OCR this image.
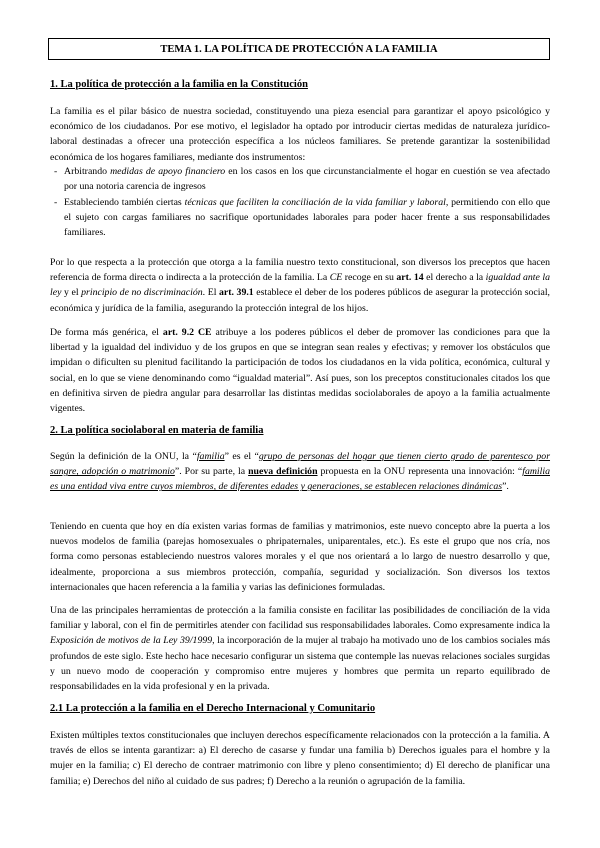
TEMA 1. LA POLÍTICA DE PROTECCIÓN A LA FAMILIA
1. La política de protección a la familia en la Constitución

La familia es el pilar básico de nuestra sociedad, constituyendo una pieza esencial para garantizar el apoyo psicológico y económico de los ciudadanos. Por ese motivo, el legislador ha optado por introducir ciertas medidas de naturaleza jurídico-laboral destinadas a ofrecer una protección específica a los núcleos familiares. Se pretende garantizar la sostenibilidad económica de los hogares familiares, mediante dos instrumentos:

- Arbitrando medidas de apoyo financiero en los casos en los que circunstancialmente el hogar en cuestión se vea afectado por una notoria carencia de ingresos

- Estableciendo también ciertas técnicas que faciliten la conciliación de la vida familiar y laboral, permitiendo con ello que el sujeto con cargas familiares no sacrifique oportunidades laborales para poder hacer frente a sus responsabilidades familiares.

Por lo que respecta a la protección que otorga a la familia nuestro texto constitucional, son diversos los preceptos que hacen referencia de forma directa o indirecta a la protección de la familia. La CE recoge en su art. 14 el derecho a la igualdad ante la ley y el principio de no discriminación. El art. 39.1 establece el deber de los poderes públicos de asegurar la protección social, económica y jurídica de la familia, asegurando la protección integral de los hijos.

De forma más genérica, el art. 9.2 CE atribuye a los poderes públicos el deber de promover las condiciones para que la libertad y la igualdad del individuo y de los grupos en que se integran sean reales y efectivas; y remover los obstáculos que impidan o dificulten su plenitud facilitando la participación de todos los ciudadanos en la vida política, económica, cultural y social, en lo que se viene denominando como “igualdad material”. Así pues, son los preceptos constitucionales citados los que en definitiva sirven de piedra angular para desarrollar las distintas medidas sociolaborales de apoyo a la familia actualmente vigentes.

2. La política sociolaboral en materia de familia

Según la definición de la ONU, la “familia” es el “grupo de personas del hogar que tienen cierto grado de parentesco por sangre, adopción o matrimonio”. Por su parte, la nueva definición propuesta en la ONU representa una innovación: “familia es una entidad viva entre cuyos miembros, de diferentes edades y generaciones, se establecen relaciones dinámicas”.

Teniendo en cuenta que hoy en día existen varias formas de familias y matrimonios, este nuevo concepto abre la puerta a los nuevos modelos de familia (parejas homosexuales o phripaternales, uniparentales, etc.). Es este el grupo que nos cría, nos forma como personas estableciendo nuestros valores morales y el que nos orientará a lo largo de nuestro desarrollo y que, idealmente, proporciona a sus miembros protección, compañía, seguridad y socialización. Son diversos los textos internacionales que hacen referencia a la familia y varias las definiciones formuladas.

Una de las principales herramientas de protección a la familia consiste en facilitar las posibilidades de conciliación de la vida familiar y laboral, con el fin de permitirles atender con facilidad sus responsabilidades laborales. Como expresamente indica la Exposición de motivos de la Ley 39/1999, la incorporación de la mujer al trabajo ha motivado uno de los cambios sociales más profundos de este siglo. Este hecho hace necesario configurar un sistema que contemple las nuevas relaciones sociales surgidas y un nuevo modo de cooperación y compromiso entre mujeres y hombres que permita un reparto equilibrado de responsabilidades en la vida profesional y en la privada.

2.1 La protección a la familia en el Derecho Internacional y Comunitario

Existen múltiples textos constitucionales que incluyen derechos específicamente relacionados con la protección a la familia. A través de ellos se intenta garantizar: a) El derecho de casarse y fundar una familia b) Derechos iguales para el hombre y la mujer en la familia; c) El derecho de contraer matrimonio con libre y pleno consentimiento; d) El derecho de planificar una familia; e) Derechos del niño al cuidado de sus padres; f) Derecho a la reunión o agrupación de la familia.
